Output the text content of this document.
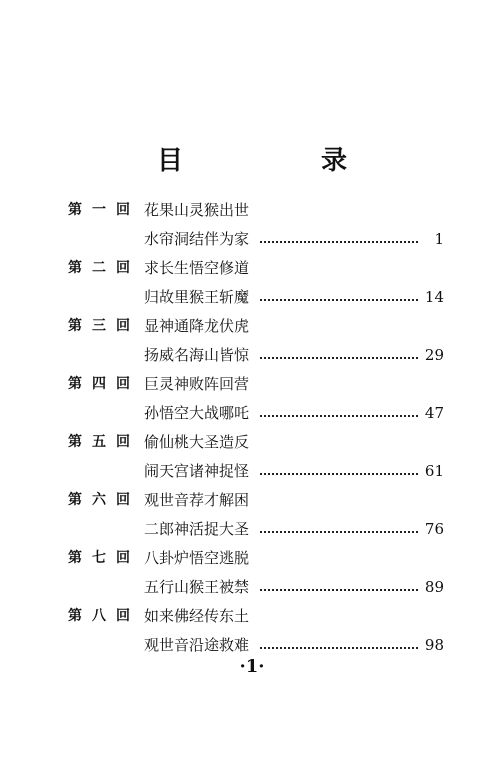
目　录
第 一 回 花果山灵猴出世
水帘洞结伴为家	1
第 二 回 求长生悟空修道
归故里猴王斩魔	14
第 三 回 显神通降龙伏虎
扬威名海山皆惊	29
第 四 回 巨灵神败阵回营
孙悟空大战哪吒	47
第 五 回 偷仙桃大圣造反
闹天宫诸神捉怪	61
第 六 回 观世音荐才解困
二郎神活捉大圣	76
第 七 回 八卦炉悟空逃脱
五行山猴王被禁	89
第 八 回 如来佛经传东土
观世音沿途救难	98
·1·
